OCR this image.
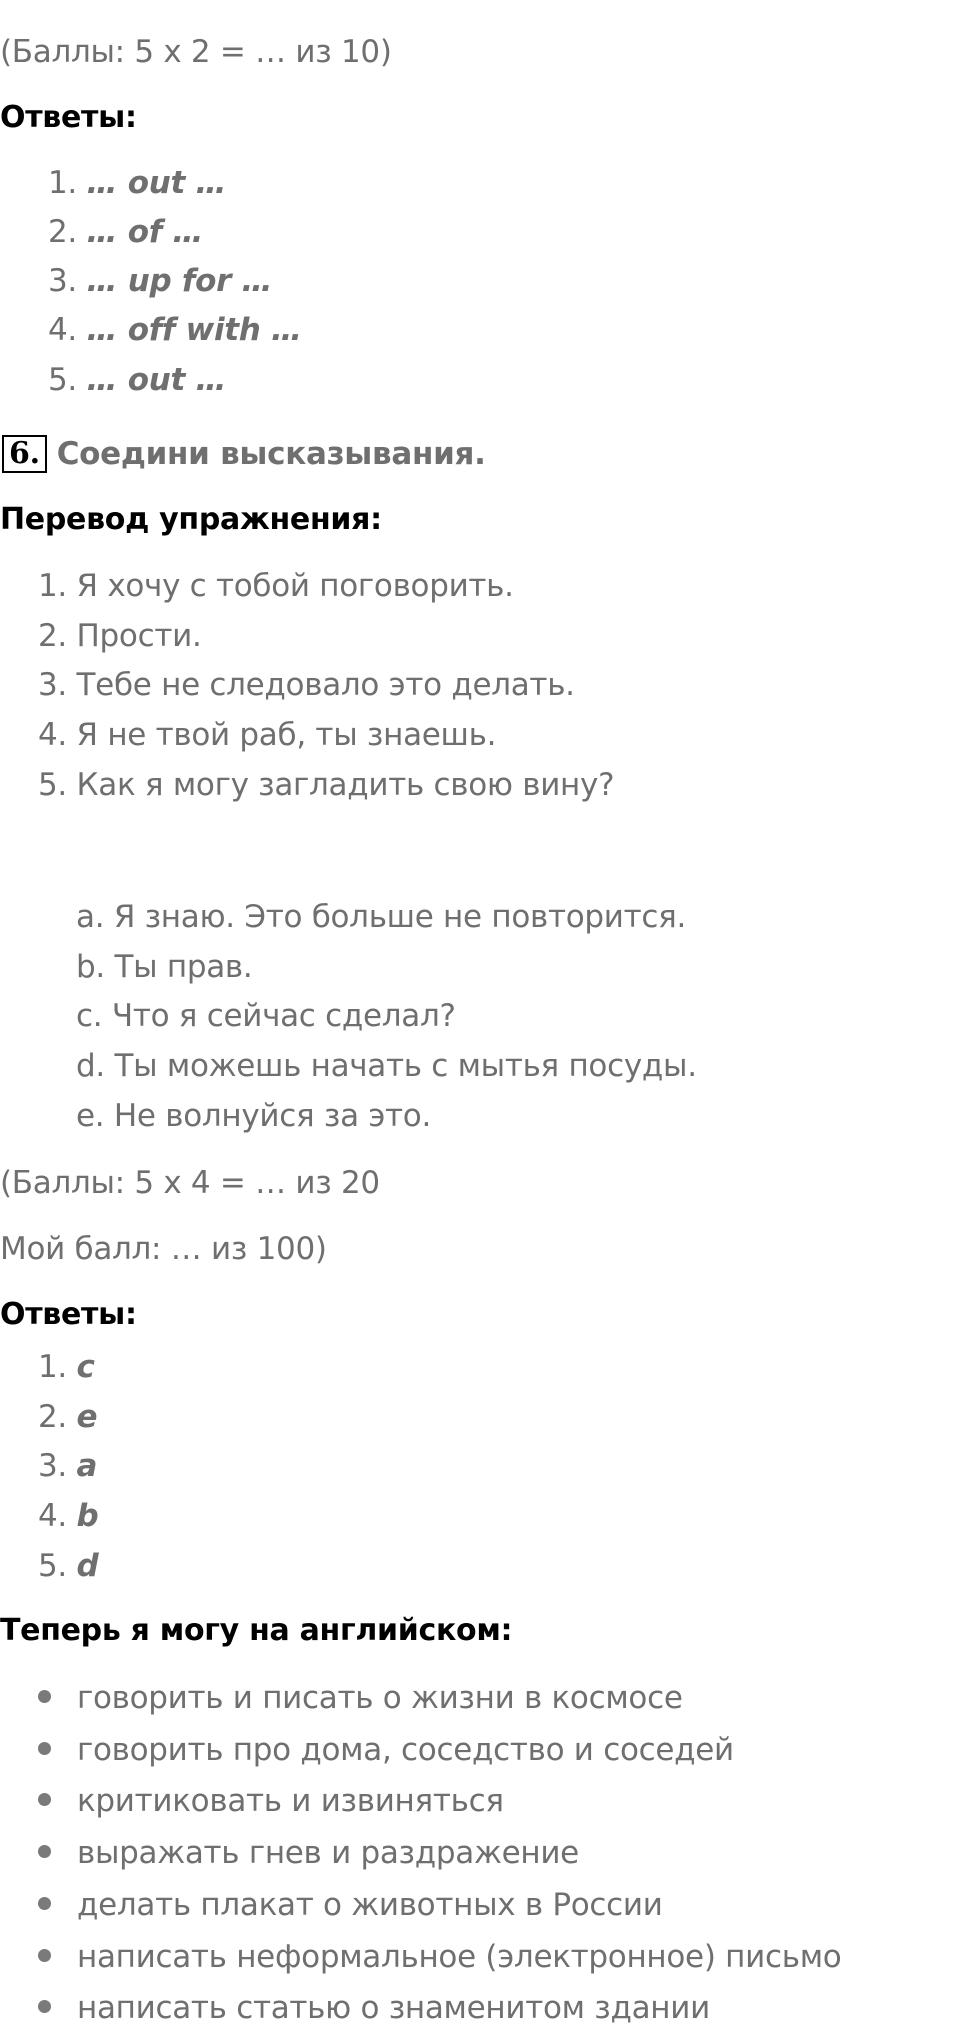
(Баллы: 5 x 2 = … из 10)
Ответы:
1. … out …
2. … of …
3. … up for …
4. … off with …
5. … out …
6. Соедини высказывания.
Перевод упражнения:
1. Я хочу с тобой поговорить.
2. Прости.
3. Тебе не следовало это делать.
4. Я не твой раб, ты знаешь.
5. Как я могу загладить свою вину?
a. Я знаю. Это больше не повторится.
b. Ты прав.
c. Что я сейчас сделал?
d. Ты можешь начать с мытья посуды.
e. Не волнуйся за это.
(Баллы: 5 x 4 = … из 20
Мой балл: … из 100)
Ответы:
1. c
2. e
3. a
4. b
5. d
Теперь я могу на английском:
говорить и писать о жизни в космосе
говорить про дома, соседство и соседей
критиковать и извиняться
выражать гнев и раздражение
делать плакат о животных в России
написать неформальное (электронное) письмо
написать статью о знаменитом здании
